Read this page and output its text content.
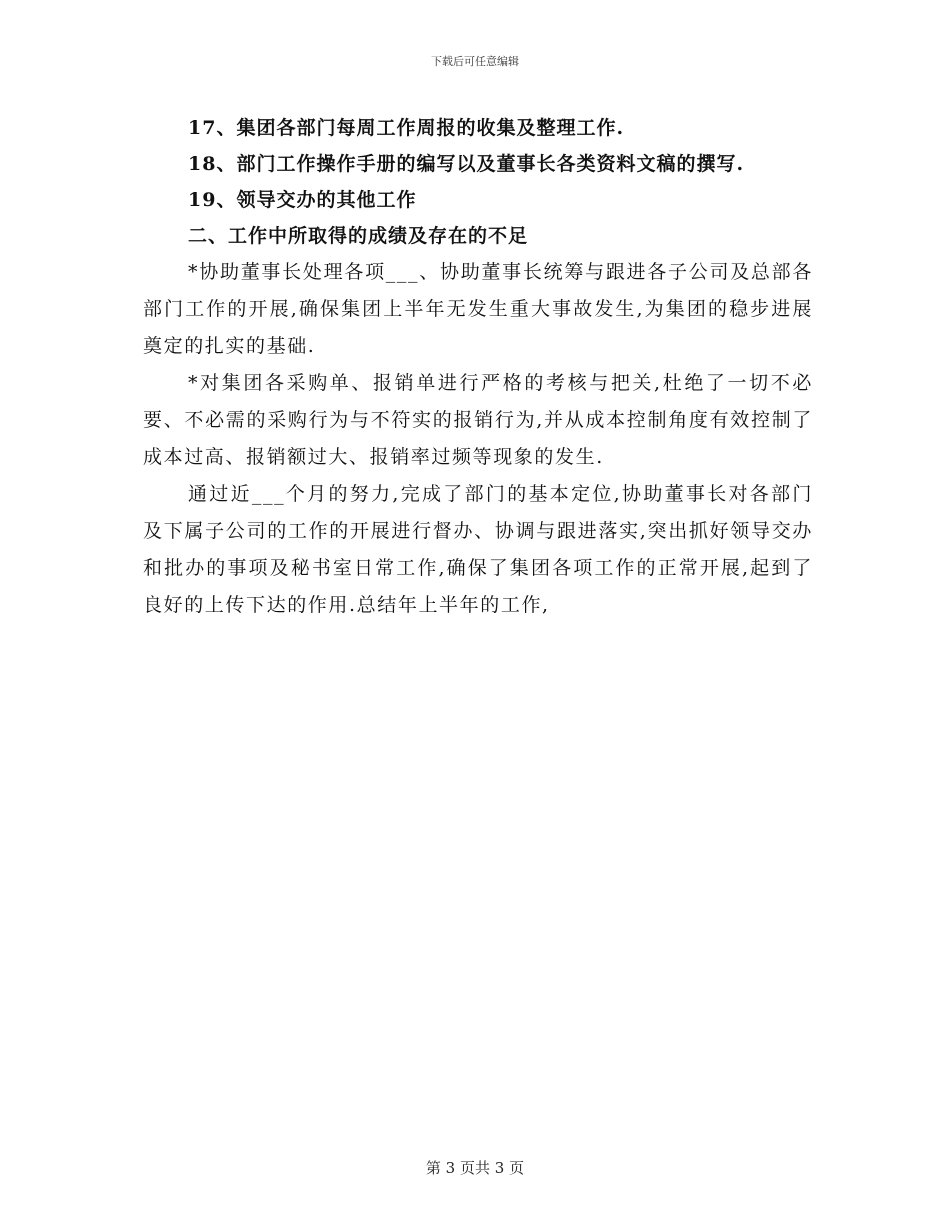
下载后可任意编辑
17、集团各部门每周工作周报的收集及整理工作.
18、部门工作操作手册的编写以及董事长各类资料文稿的撰写.
19、领导交办的其他工作
二、工作中所取得的成绩及存在的不足

*协助董事长处理各项___、协助董事长统筹与跟进各子公司及总部各部门工作的开展,确保集团上半年无发生重大事故发生,为集团的稳步进展奠定的扎实的基础.

*对集团各采购单、报销单进行严格的考核与把关,杜绝了一切不必要、不必需的采购行为与不符实的报销行为,并从成本控制角度有效控制了成本过高、报销额过大、报销率过频等现象的发生.

通过近___个月的努力,完成了部门的基本定位,协助董事长对各部门及下属子公司的工作的开展进行督办、协调与跟进落实,突出抓好领导交办和批办的事项及秘书室日常工作,确保了集团各项工作的正常开展,起到了良好的上传下达的作用.总结年上半年的工作,

第 3 页共 3 页
